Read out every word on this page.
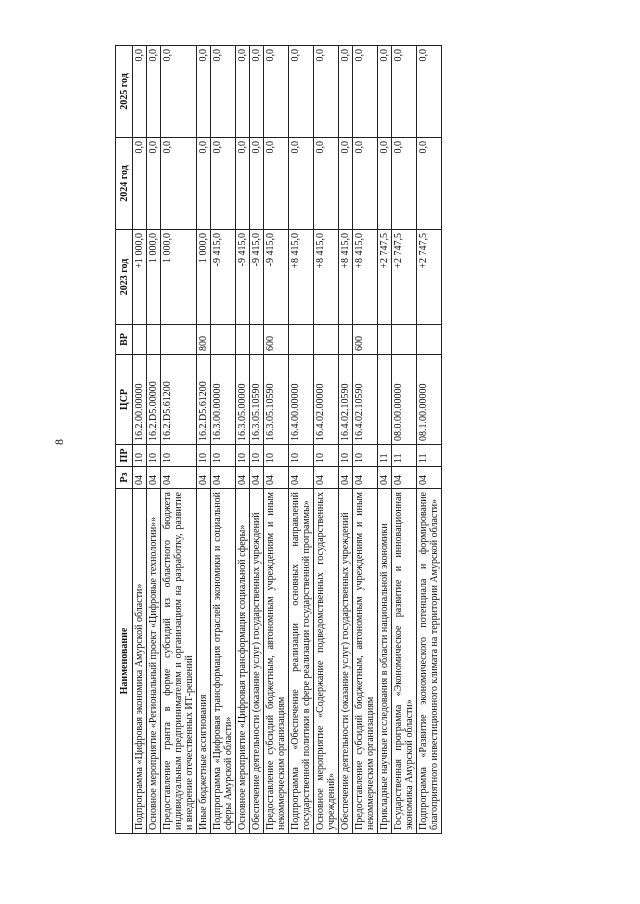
8
Наименование	Рз	ПР	ЦСР	ВР	2023 год	2024 год	2025 год
Подпрограмма «Цифровая экономика Амурской области»	04	10	16.2.00.00000		+1 000,0	0,0	0,0
Основное мероприятие «Региональный проект «Цифровые технологии»»	04	10	16.2.D5.00000		1 000,0	0,0	0,0
Предоставление гранта в форме субсидий из областного бюджета индивидуальным предпринимателям и организациям на разработку, развитие и внедрение отечественных ИТ-решений	04	10	16.2.D5.61200		1 000,0	0,0	0,0
Иные бюджетные ассигнования	04	10	16.2.D5.61200	800	1 000,0	0,0	0,0
Подпрограмма «Цифровая трансформация отраслей экономики и социальной сферы Амурской области»	04	10	16.3.00.00000		-9 415,0	0,0	0,0
Основное мероприятие «Цифровая трансформация социальной сферы»	04	10	16.3.05.00000		-9 415,0	0,0	0,0
Обеспечение деятельности (оказание услуг) государственных учреждений	04	10	16.3.05.10590		-9 415,0	0,0	0,0
Предоставление субсидий бюджетным, автономным учреждениям и иным некоммерческим организациям	04	10	16.3.05.10590	600	-9 415,0	0,0	0,0
Подпрограмма «Обеспечение реализации основных направлений государственной политики в сфере реализации государственной программы»	04	10	16.4.00.00000		+8 415,0	0,0	0,0
Основное мероприятие «Содержание подведомственных государственных учреждений»	04	10	16.4.02.00000		+8 415,0	0,0	0,0
Обеспечение деятельности (оказание услуг) государственных учреждений	04	10	16.4.02.10590		+8 415,0	0,0	0,0
Предоставление субсидий бюджетным, автономным учреждениям и иным некоммерческим организациям	04	10	16.4.02.10590	600	+8 415,0	0,0	0,0
Прикладные научные исследования в области национальной экономики	04	11			+2 747,5	0,0	0,0
Государственная программа «Экономическое развитие и инновационная экономика Амурской области»	04	11	08.0.00.00000		+2 747,5	0,0	0,0
Подпрограмма «Развитие экономического потенциала и формирование благоприятного инвестиционного климата на территории Амурской области»	04	11	08.1.00.00000		+2 747,5	0,0	0,0
